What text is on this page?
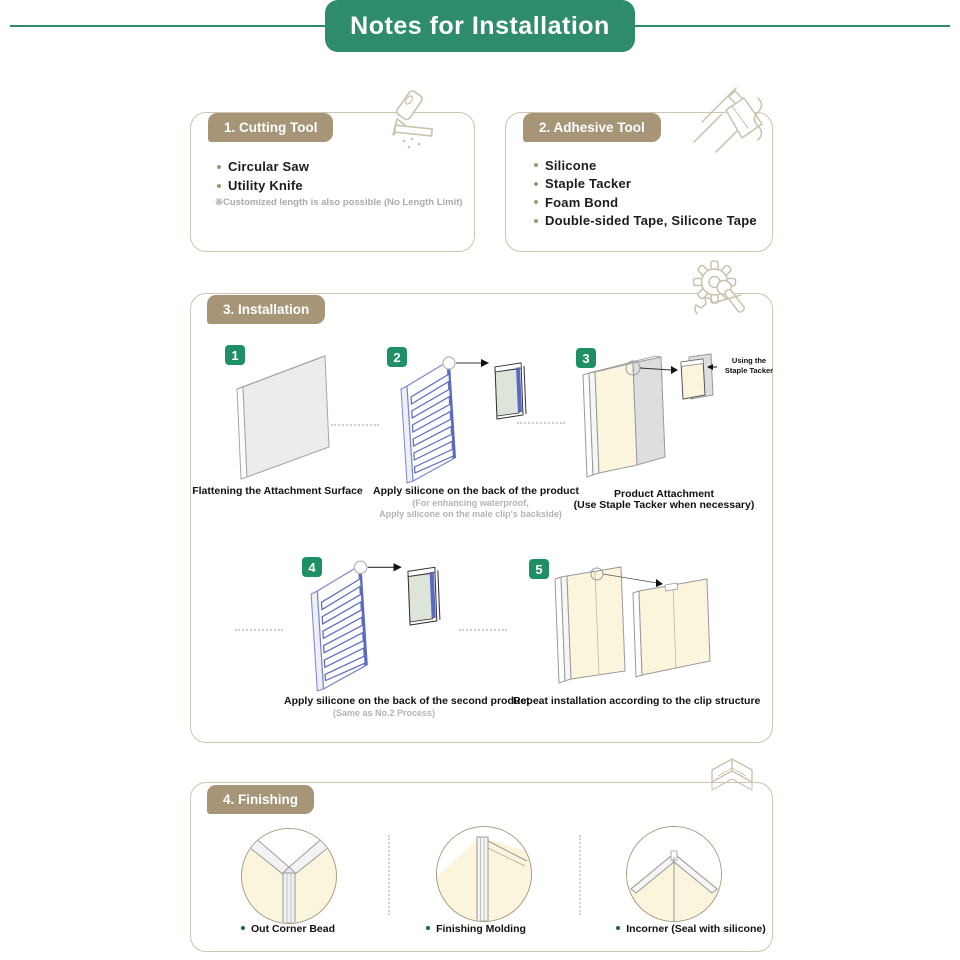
Notes for Installation
1. Cutting Tool
Circular Saw
Utility Knife
※Customized length is also possible (No Length Limit)
2. Adhesive Tool
Silicone
Staple Tacker
Foam Bond
Double-sided Tape, Silicone Tape
3. Installation
1	2	3
4	5
Using the Staple Tacker
Flattening the Attachment Surface Apply silicone on the back of the product
(For enhancing waterproof,
Apply silicone on the male clip's backside)
Product Attachment
(Use Staple Tacker when necessary)
Apply silicone on the back of the second product
(Same as No.2 Process)
Repeat installation according to the clip structure
4. Finishing
Out Corner Bead	Finishing Molding	Incorner (Seal with silicone)
